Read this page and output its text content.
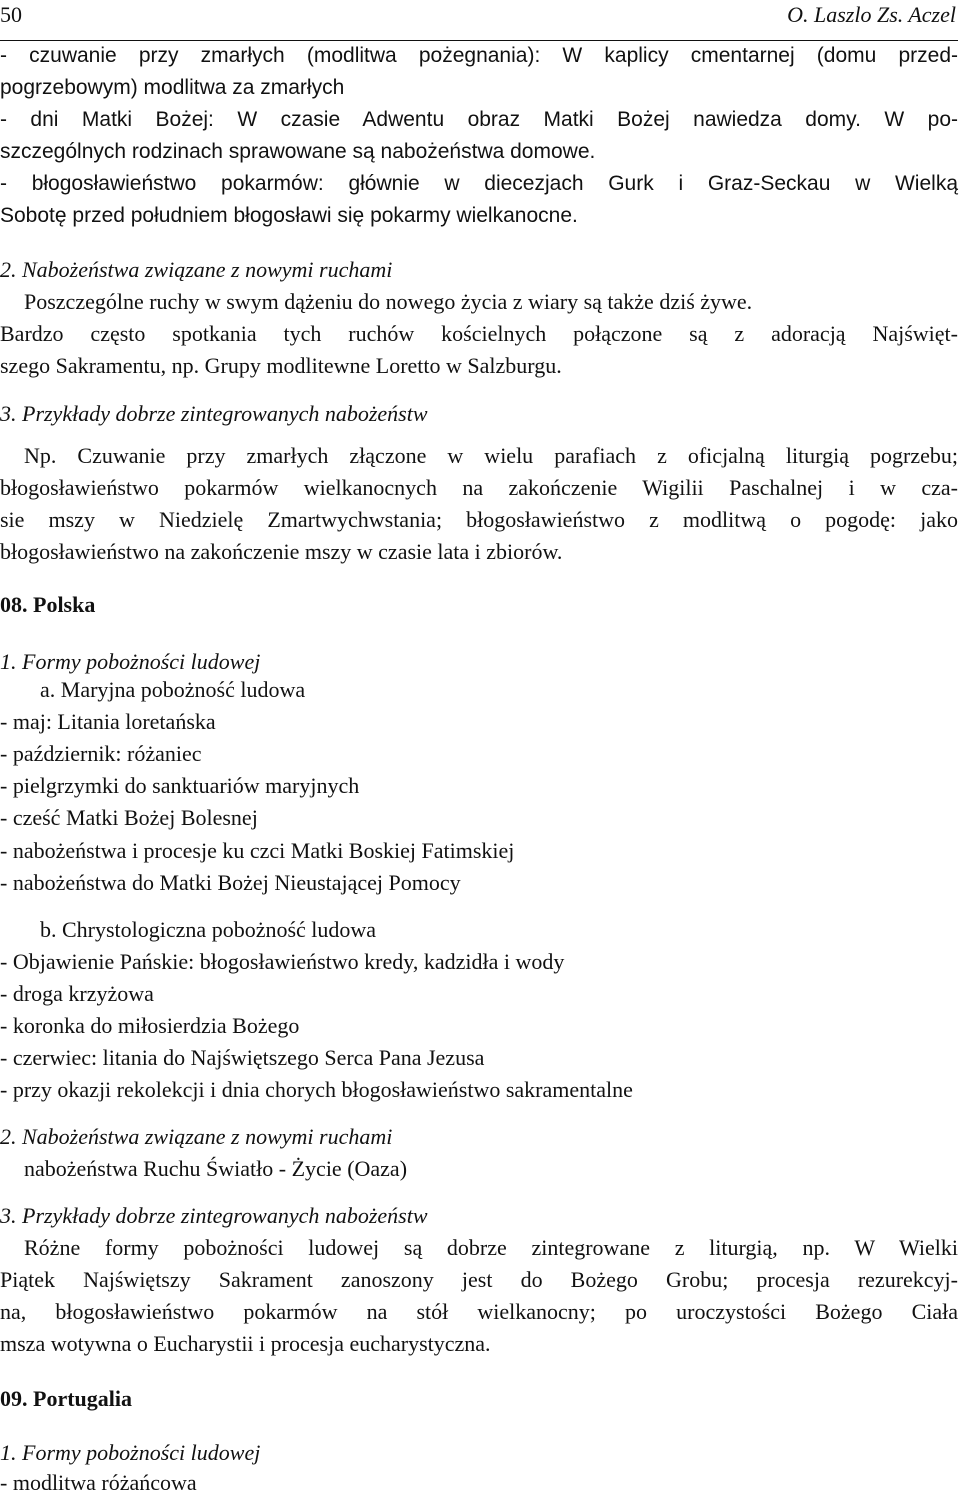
50	O. Laszlo Zs. Aczel
- czuwanie przy zmarłych (modlitwa pożegnania): W kaplicy cmentarnej (domu przed-
pogrzebowym) modlitwa za zmarłych
- dni Matki Bożej: W czasie Adwentu obraz Matki Bożej nawiedza domy. W po-
szczególnych rodzinach sprawowane są nabożeństwa domowe.
- błogosławieństwo pokarmów: głównie w diecezjach Gurk i Graz-Seckau w Wielką
Sobotę przed południem błogosławi się pokarmy wielkanocne.
2. Nabożeństwa związane z nowymi ruchami
Poszczególne ruchy w swym dążeniu do nowego życia z wiary są także dziś żywe.
Bardzo często spotkania tych ruchów kościelnych połączone są z adoracją Najświęt-
szego Sakramentu, np. Grupy modlitewne Loretto w Salzburgu.
3. Przykłady dobrze zintegrowanych nabożeństw
Np. Czuwanie przy zmarłych złączone w wielu parafiach z oficjalną liturgią pogrzebu;
błogosławieństwo pokarmów wielkanocnych na zakończenie Wigilii Paschalnej i w cza-
sie mszy w Niedzielę Zmartwychwstania; błogosławieństwo z modlitwą o pogodę: jako
błogosławieństwo na zakończenie mszy w czasie lata i zbiorów.
08. Polska
1. Formy pobożności ludowej
a. Maryjna pobożność ludowa
- maj: Litania loretańska
- październik: różaniec
- pielgrzymki do sanktuariów maryjnych
- cześć Matki Bożej Bolesnej
- nabożeństwa i procesje ku czci Matki Boskiej Fatimskiej
- nabożeństwa do Matki Bożej Nieustającej Pomocy
b. Chrystologiczna pobożność ludowa
- Objawienie Pańskie: błogosławieństwo kredy, kadzidła i wody
- droga krzyżowa
- koronka do miłosierdzia Bożego
- czerwiec: litania do Najświętszego Serca Pana Jezusa
- przy okazji rekolekcji i dnia chorych błogosławieństwo sakramentalne
2. Nabożeństwa związane z nowymi ruchami
nabożeństwa Ruchu Światło - Życie (Oaza)
3. Przykłady dobrze zintegrowanych nabożeństw
Różne formy pobożności ludowej są dobrze zintegrowane z liturgią, np. W Wielki
Piątek Najświętszy Sakrament zanoszony jest do Bożego Grobu; procesja rezurekcyj-
na, błogosławieństwo pokarmów na stół wielkanocny; po uroczystości Bożego Ciała
msza wotywna o Eucharystii i procesja eucharystyczna.
09. Portugalia
1. Formy pobożności ludowej
- modlitwa różańcowa
